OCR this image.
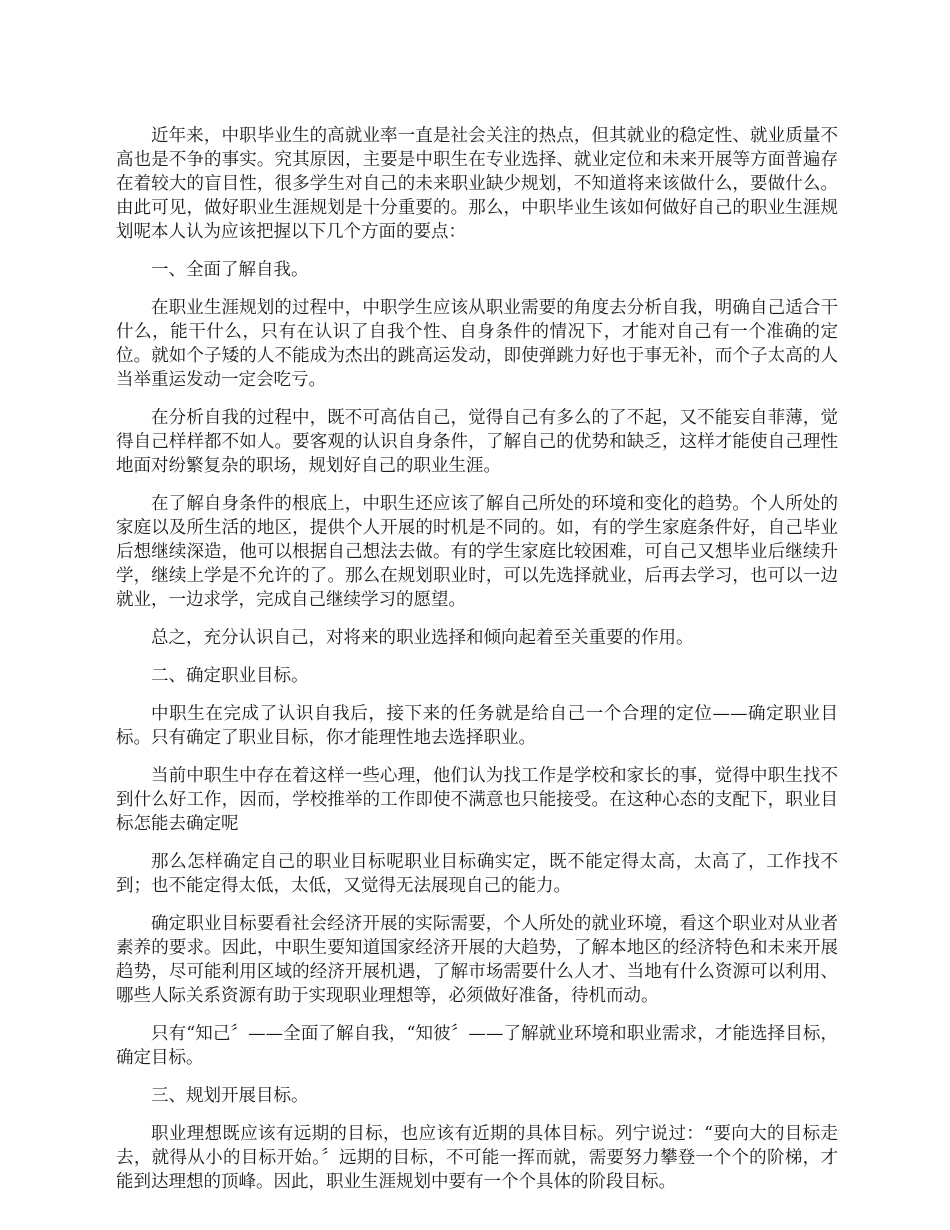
近年来，中职毕业生的高就业率一直是社会关注的热点，但其就业的稳定性、就业质量不高也是不争的事实。究其原因，主要是中职生在专业选择、就业定位和未来开展等方面普遍存在着较大的盲目性，很多学生对自己的未来职业缺少规划，不知道将来该做什么，要做什么。由此可见，做好职业生涯规划是十分重要的。那么，中职毕业生该如何做好自己的职业生涯规划呢本人认为应该把握以下几个方面的要点：

一、全面了解自我。

在职业生涯规划的过程中，中职学生应该从职业需要的角度去分析自我，明确自己适合干什么，能干什么，只有在认识了自我个性、自身条件的情况下，才能对自己有一个准确的定位。就如个子矮的人不能成为杰出的跳高运发动，即使弹跳力好也于事无补，而个子太高的人当举重运发动一定会吃亏。

在分析自我的过程中，既不可高估自己，觉得自己有多么的了不起，又不能妄自菲薄，觉得自己样样都不如人。要客观的认识自身条件，了解自己的优势和缺乏，这样才能使自己理性地面对纷繁复杂的职场，规划好自己的职业生涯。

在了解自身条件的根底上，中职生还应该了解自己所处的环境和变化的趋势。个人所处的家庭以及所生活的地区，提供个人开展的时机是不同的。如，有的学生家庭条件好，自己毕业后想继续深造，他可以根据自己想法去做。有的学生家庭比较困难，可自己又想毕业后继续升学，继续上学是不允许的了。那么在规划职业时，可以先选择就业，后再去学习，也可以一边就业，一边求学，完成自己继续学习的愿望。

总之，充分认识自己，对将来的职业选择和倾向起着至关重要的作用。

二、确定职业目标。

中职生在完成了认识自我后，接下来的任务就是给自己一个合理的定位——确定职业目标。只有确定了职业目标，你才能理性地去选择职业。

当前中职生中存在着这样一些心理，他们认为找工作是学校和家长的事，觉得中职生找不到什么好工作，因而，学校推举的工作即使不满意也只能接受。在这种心态的支配下，职业目标怎能去确定呢

那么怎样确定自己的职业目标呢职业目标确实定，既不能定得太高，太高了，工作找不到；也不能定得太低，太低，又觉得无法展现自己的能力。

确定职业目标要看社会经济开展的实际需要，个人所处的就业环境，看这个职业对从业者素养的要求。因此，中职生要知道国家经济开展的大趋势，了解本地区的经济特色和未来开展趋势，尽可能利用区域的经济开展机遇，了解市场需要什么人才、当地有什么资源可以利用、哪些人际关系资源有助于实现职业理想等，必须做好准备，待机而动。

只有“知己〞——全面了解自我，“知彼〞——了解就业环境和职业需求，才能选择目标，确定目标。

三、规划开展目标。

职业理想既应该有远期的目标，也应该有近期的具体目标。列宁说过：“要向大的目标走去，就得从小的目标开始。〞远期的目标，不可能一挥而就，需要努力攀登一个个的阶梯，才能到达理想的顶峰。因此，职业生涯规划中要有一个个具体的阶段目标。
